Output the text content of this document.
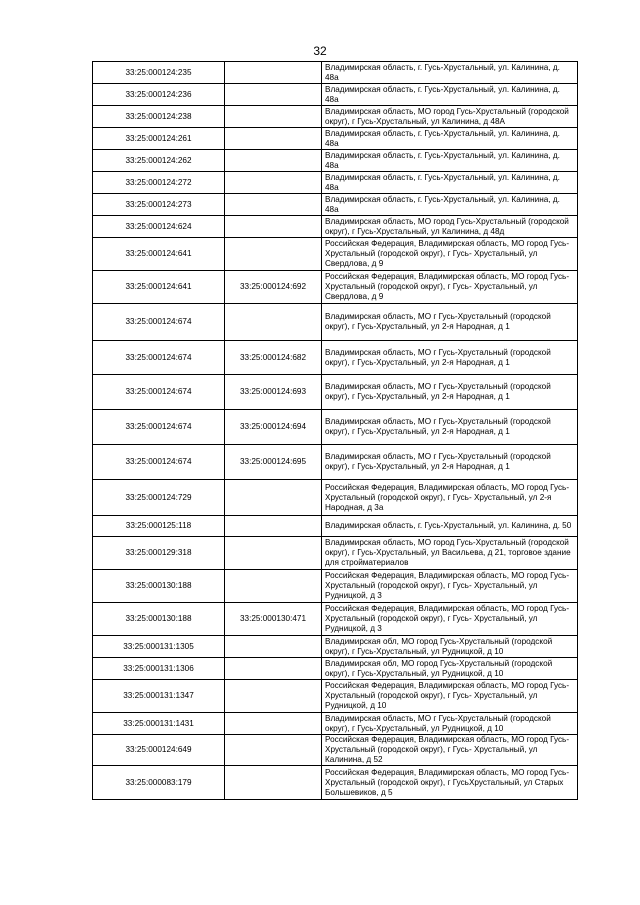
32
33:25:000124:235		Владимирская область, г. Гусь-Хрустальный, ул. Калинина, д. 48а
33:25:000124:236		Владимирская область, г. Гусь-Хрустальный, ул. Калинина, д. 48а
33:25:000124:238		Владимирская область, МО город Гусь-Хрустальный (городской округ), г Гусь-Хрустальный, ул Калинина, д 48А
33:25:000124:261		Владимирская область, г. Гусь-Хрустальный, ул. Калинина, д. 48а
33:25:000124:262		Владимирская область, г. Гусь-Хрустальный, ул. Калинина, д. 48а
33:25:000124:272		Владимирская область, г. Гусь-Хрустальный, ул. Калинина, д. 48а
33:25:000124:273		Владимирская область, г. Гусь-Хрустальный, ул. Калинина, д. 48а
33:25:000124:624		Владимирская область, МО город Гусь-Хрустальный (городской округ), г Гусь-Хрустальный, ул Калинина, д 48д
33:25:000124:641		Российская Федерация, Владимирская область, МО город Гусь-Хрустальный (городской округ), г Гусь- Хрустальный, ул Свердлова, д 9
33:25:000124:641	33:25:000124:692	Российская Федерация, Владимирская область, МО город Гусь-Хрустальный (городской округ), г Гусь- Хрустальный, ул Свердлова, д 9
33:25:000124:674		Владимирская область, МО г Гусь-Хрустальный (городской округ), г Гусь-Хрустальный, ул 2-я Народная, д 1
33:25:000124:674	33:25:000124:682	Владимирская область, МО г Гусь-Хрустальный (городской округ), г Гусь-Хрустальный, ул 2-я Народная, д 1
33:25:000124:674	33:25:000124:693	Владимирская область, МО г Гусь-Хрустальный (городской округ), г Гусь-Хрустальный, ул 2-я Народная, д 1
33:25:000124:674	33:25:000124:694	Владимирская область, МО г Гусь-Хрустальный (городской округ), г Гусь-Хрустальный, ул 2-я Народная, д 1
33:25:000124:674	33:25:000124:695	Владимирская область, МО г Гусь-Хрустальный (городской округ), г Гусь-Хрустальный, ул 2-я Народная, д 1
33:25:000124:729		Российская Федерация, Владимирская область, МО город Гусь-Хрустальный (городской округ), г Гусь- Хрустальный, ул 2-я Народная, д 3а
33:25:000125:118		Владимирская область, г. Гусь-Хрустальный, ул. Калинина, д. 50
33:25:000129:318		Владимирская область, МО город Гусь-Хрустальный (городской округ), г Гусь-Хрустальный, ул Васильева, д 21, торговое здание для стройматериалов
33:25:000130:188		Российская Федерация, Владимирская область, МО город Гусь-Хрустальный (городской округ), г Гусь- Хрустальный, ул Рудницкой, д 3
33:25:000130:188	33:25:000130:471	Российская Федерация, Владимирская область, МО город Гусь-Хрустальный (городской округ), г Гусь- Хрустальный, ул Рудницкой, д 3
33:25:000131:1305		Владимирская обл, МО город Гусь-Хрустальный (городской округ), г Гусь-Хрустальный, ул Рудницкой, д 10
33:25:000131:1306		Владимирская обл, МО город Гусь-Хрустальный (городской округ), г Гусь-Хрустальный, ул Рудницкой, д 10
33:25:000131:1347		Российская Федерация, Владимирская область, МО город Гусь-Хрустальный (городской округ), г Гусь- Хрустальный, ул Рудницкой, д 10
33:25:000131:1431		Владимирская область, МО г Гусь-Хрустальный (городской округ), г Гусь-Хрустальный, ул Рудницкой, д 10
33:25:000124:649		Российская Федерация, Владимирская область, МО город Гусь-Хрустальный (городской округ), г Гусь- Хрустальный, ул Калинина, д 52
33:25:000083:179		Российская Федерация, Владимирская область, МО город Гусь-Хрустальный (городской округ), г ГусьХрустальный, ул Старых Большевиков, д 5
